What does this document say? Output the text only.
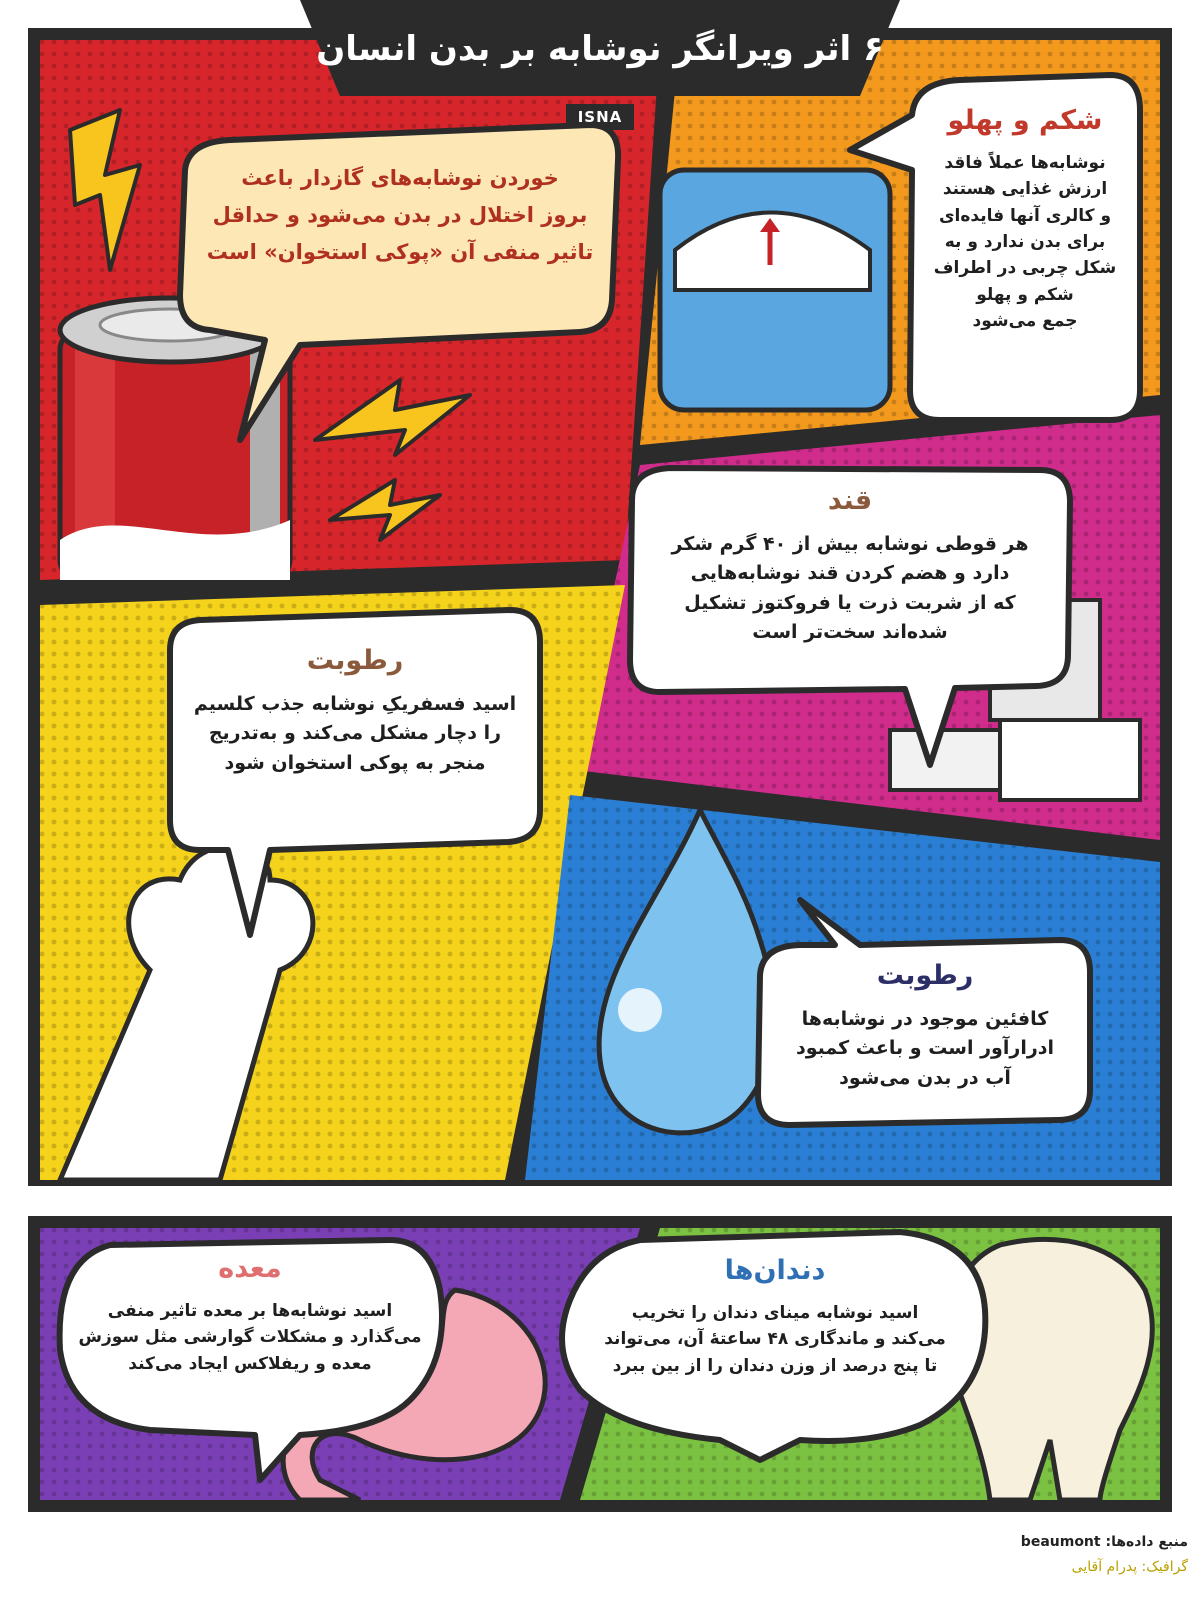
۶ اثر ویرانگر نوشابه بر بدن انسان
ISNA
خوردن نوشابه‌های گازدار باعث
بروز اختلال در بدن می‌شود و حداقل
تاثیر منفی آن «پوکی استخوان» است
شکم و پهلو
نوشابه‌ها عملاً فاقد
ارزش غذایی هستند
و کالری آنها فایده‌ای
برای بدن ندارد و به
شکل چربی در اطراف
شکم و پهلو
جمع می‌شود
قند
هر قوطی نوشابه بیش از ۴۰ گرم شکر
دارد و هضم کردن قند نوشابه‌هایی
که از شربت ذرت یا فروکتوز تشکیل
شده‌اند سخت‌تر است
رطوبت
اسید فسفریکِ نوشابه جذب کلسیم
را دچار مشکل می‌کند و به‌تدریج
منجر به پوکی استخوان شود
رطوبت
کافئین موجود در نوشابه‌ها
ادرارآور است و باعث کمبود
آب در بدن می‌شود
معده
اسید نوشابه‌ها بر معده تاثیر منفی
می‌گذارد و مشکلات گوارشی مثل سوزش
معده و ریفلاکس ایجاد می‌کند
دندان‌ها
اسید نوشابه مینای دندان را تخریب
می‌کند و ماندگاری ۴۸ ساعتهٔ آن، می‌تواند
تا پنج درصد از وزن دندان را از بین ببرد
منبع داده‌ها: beaumont
گرافیک: پدرام آقایی
